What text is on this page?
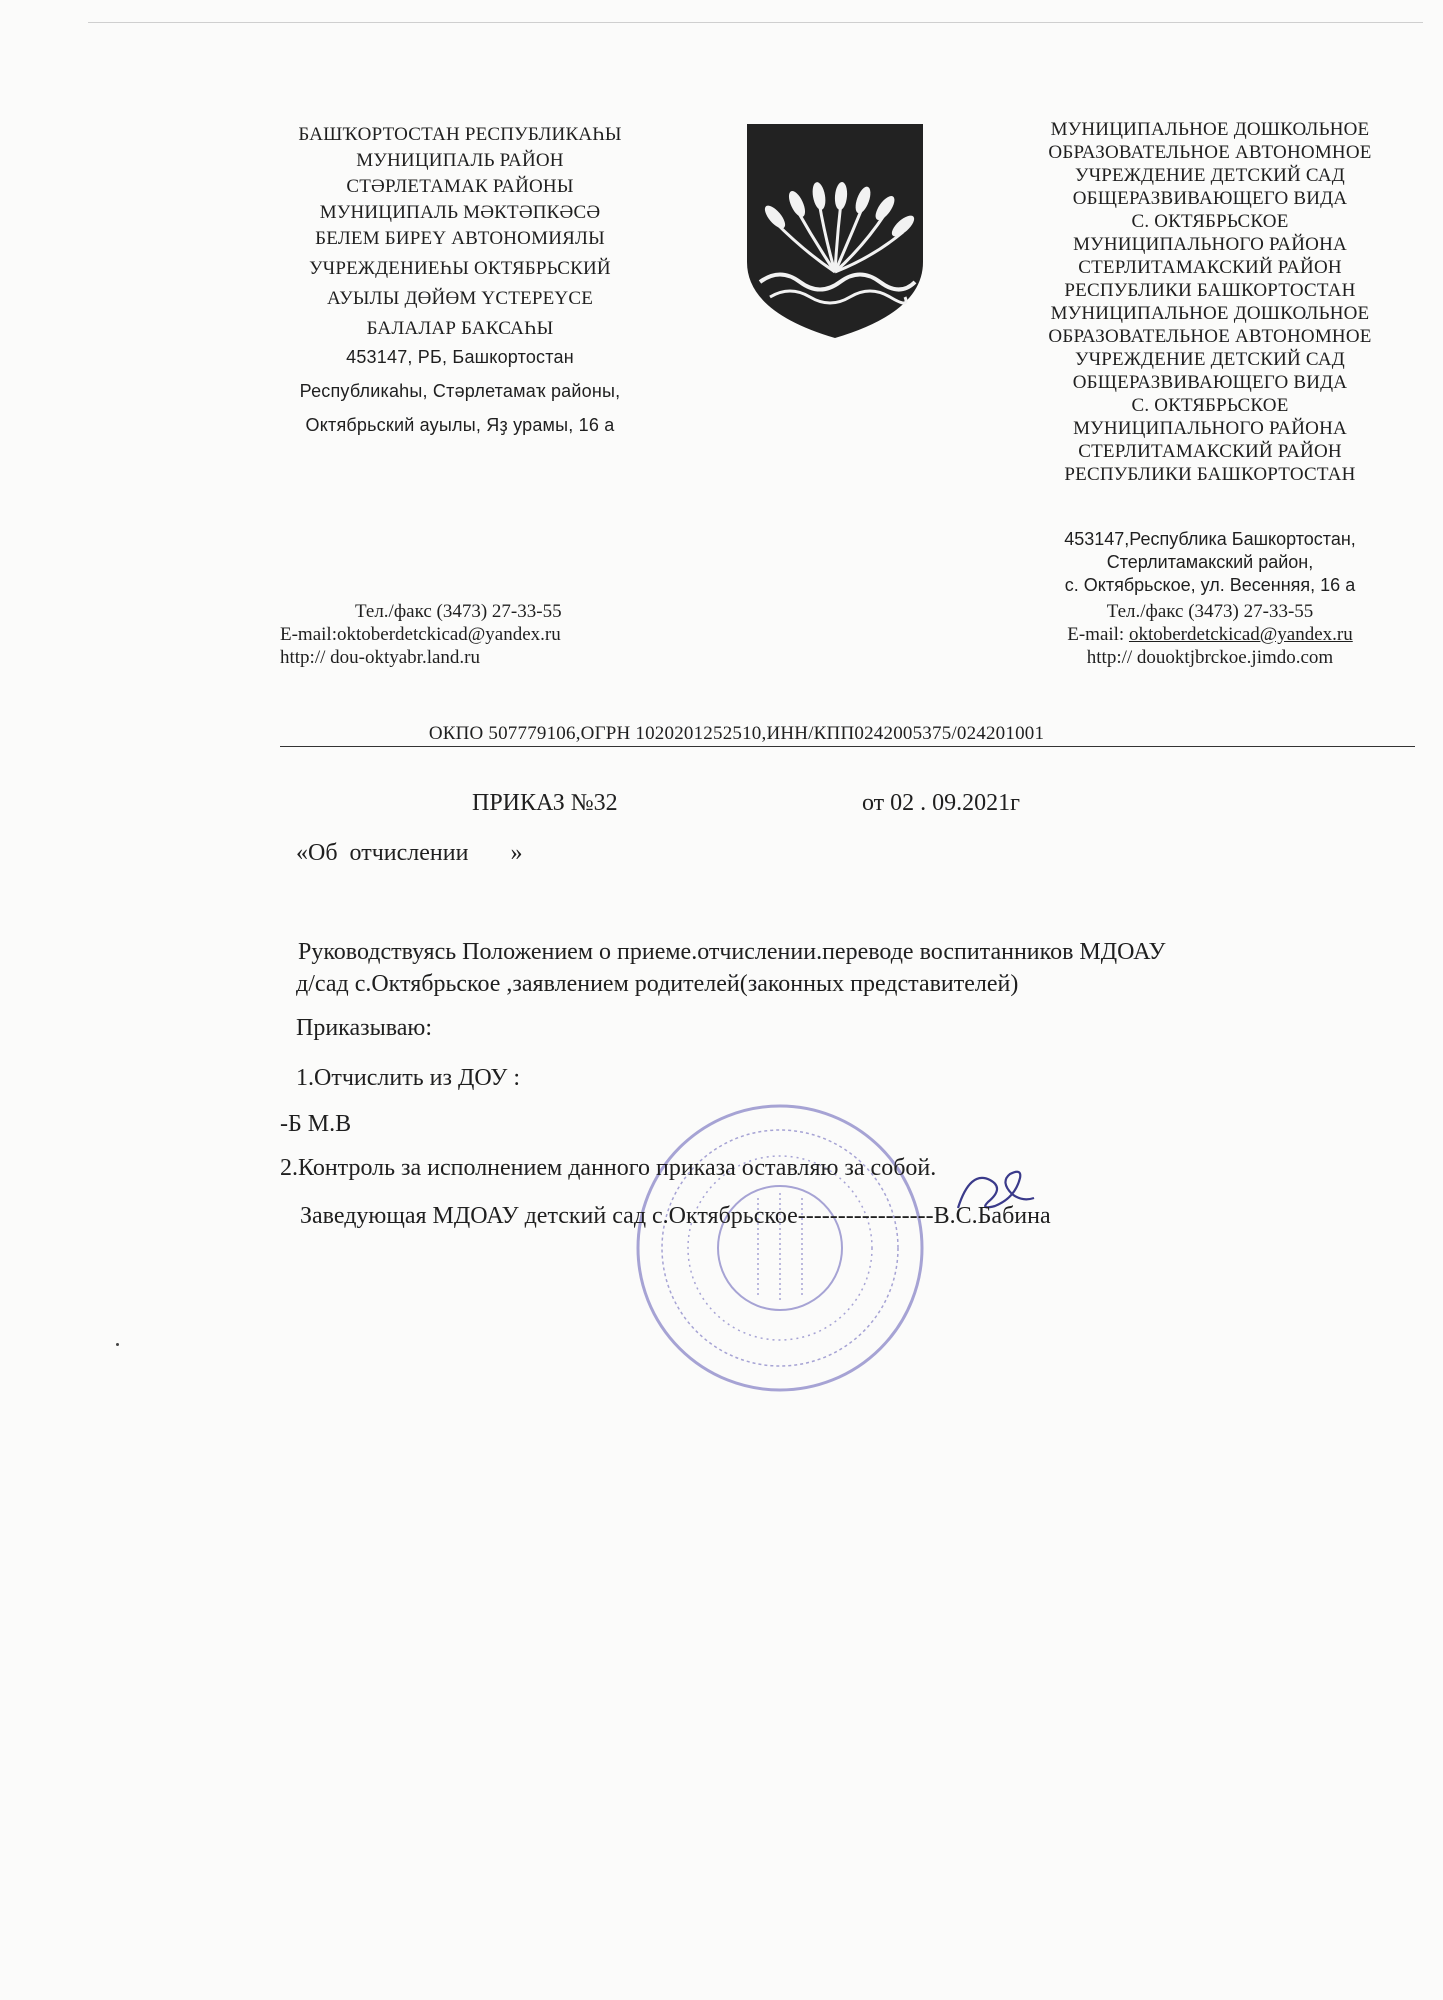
БАШҠОРТОСТАН РЕСПУБЛИКАҺЫ
МУНИЦИПАЛЬ РАЙОН
СТӘРЛЕТАМАК РАЙОНЫ
МУНИЦИПАЛЬ МӘКТӘПКӘСӘ
БЕЛЕМ БИРЕҮ АВТОНОМИЯЛЫ
УЧРЕЖДЕНИЕҺЫ ОКТЯБРЬСКИЙ
АУЫЛЫ ДӨЙӨМ ҮСТЕРЕҮСЕ
БАЛАЛАР БАКСАҺЫ
453147, РБ, Башкортостан
Республикаһы, Стәрлетамаҡ районы,
Октябрьский ауылы, Яҙ урамы, 16 а
МУНИЦИПАЛЬНОЕ ДОШКОЛЬНОЕ
ОБРАЗОВАТЕЛЬНОЕ АВТОНОМНОЕ
УЧРЕЖДЕНИЕ ДЕТСКИЙ САД
ОБЩЕРАЗВИВАЮЩЕГО ВИДА
С. ОКТЯБРЬСКОЕ
МУНИЦИПАЛЬНОГО РАЙОНА
СТЕРЛИТАМАКСКИЙ РАЙОН
РЕСПУБЛИКИ БАШКОРТОСТАН
МУНИЦИПАЛЬНОЕ ДОШКОЛЬНОЕ
ОБРАЗОВАТЕЛЬНОЕ АВТОНОМНОЕ
УЧРЕЖДЕНИЕ ДЕТСКИЙ САД
ОБЩЕРАЗВИВАЮЩЕГО ВИДА
С. ОКТЯБРЬСКОЕ
МУНИЦИПАЛЬНОГО РАЙОНА
СТЕРЛИТАМАКСКИЙ РАЙОН
РЕСПУБЛИКИ БАШКОРТОСТАН
453147,Республика Башкортостан,
Стерлитамакский район,
с. Октябрьское, ул. Весенняя, 16 а
Тел./факс (3473) 27-33-55
E-mail: oktoberdetckicad@yandex.ru
http:// douoktjbrckoe.jimdo.com
Тел./факс (3473) 27-33-55
E-mail:oktoberdetckicad@yandex.ru
http:// dou-oktyabr.land.ru
ОКПО 507779106,ОГРН 1020201252510,ИНН/КПП0242005375/024201001
ПРИКАЗ №32	от 02 . 09.2021г
«Об  отчислении       »
Руководствуясь Положением о приеме.отчислении.переводе воспитанников МДОАУ
д/сад с.Октябрьское ,заявлением родителей(законных представителей)
Приказываю:
1.Отчислить из ДОУ :
-Б М.В
2.Контроль за исполнением данного приказа оставляю за собой.
Заведующая МДОАУ детский сад с.Октябрьское-----------------В.С.Бабина
